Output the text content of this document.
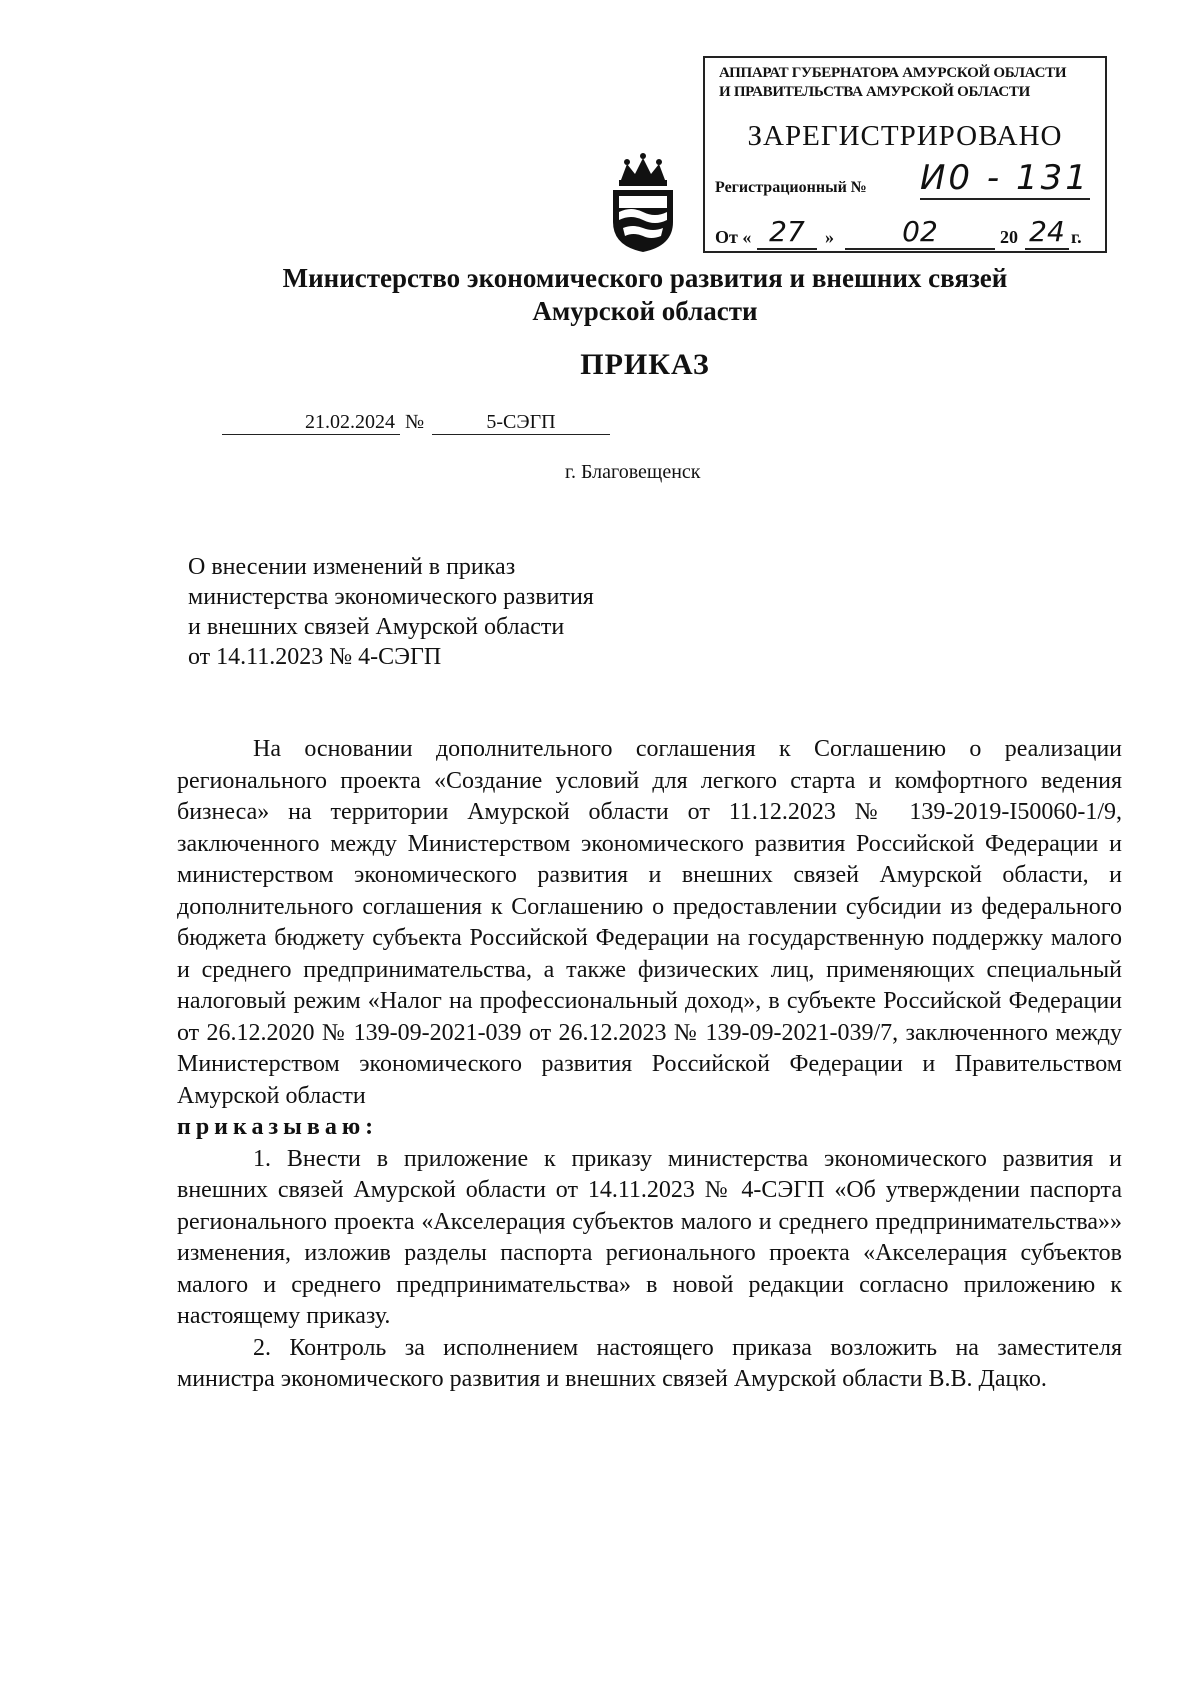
АППАРАТ ГУБЕРНАТОРА АМУРСКОЙ ОБЛАСТИ
И ПРАВИТЕЛЬСТВА АМУРСКОЙ ОБЛАСТИ
ЗАРЕГИСТРИРОВАНО
Регистрационный № И0 - 131
От « 27	»	02	20 24 г.
Министерство экономического развития и внешних связей
Амурской области
ПРИКАЗ
21.02.2024 №	5-СЭГП
г. Благовещенск
О внесении изменений в приказ
министерства экономического развития
и внешних связей Амурской области
от 14.11.2023 № 4-СЭГП

На основании дополнительного соглашения к Соглашению о реализации регионального проекта «Создание условий для легкого старта и комфортного ведения бизнеса» на территории Амурской области от 11.12.2023 № 139-2019-I50060-1/9, заключенного между Министерством экономического развития Российской Федерации и министерством экономического развития и внешних связей Амурской области, и дополнительного соглашения к Соглашению о предоставлении субсидии из федерального бюджета бюджету субъекта Российской Федерации на государственную поддержку малого и среднего предпринимательства, а также физических лиц, применяющих специальный налоговый режим «Налог на профессиональный доход», в субъекте Российской Федерации от 26.12.2020 № 139-09-2021-039 от 26.12.2023 № 139-09-2021-039/7, заключенного между Министерством экономического развития Российской Федерации и Правительством Амурской области

приказываю:

1. Внести в приложение к приказу министерства экономического развития и внешних связей Амурской области от 14.11.2023 № 4-СЭГП «Об утверждении паспорта регионального проекта «Акселерация субъектов малого и среднего предпринимательства»» изменения, изложив разделы паспорта регионального проекта «Акселерация субъектов малого и среднего предпринимательства» в новой редакции согласно приложению к настоящему приказу.

2. Контроль за исполнением настоящего приказа возложить на заместителя министра экономического развития и внешних связей Амурской области В.В. Дацко.
